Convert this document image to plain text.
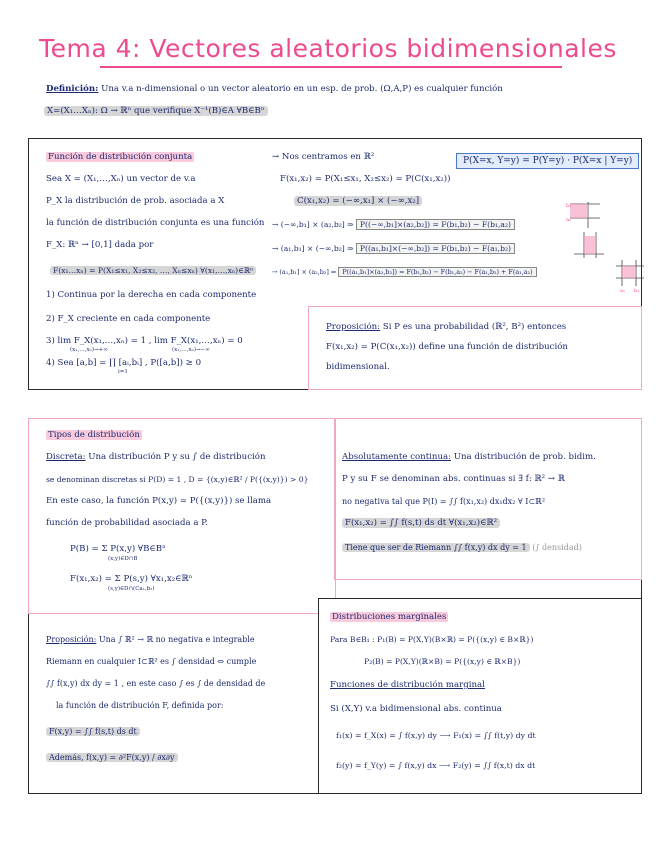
Tema 4: Vectores aleatorios bidimensionales
Definición: Una v.a n-dimensional o un vector aleatorio en un esp. de prob. (Ω,A,P) es cualquier función
X=(X₁…Xₙ): Ω → ℝⁿ que verifique X⁻¹(B)∈A ∀B∈Bⁿ
Función de distribución conjunta
Sea X = (X₁,…,Xₙ) un vector de v.a
P_X la distribución de prob. asociada a X
la función de distribución conjunta es una función
F_X: ℝⁿ → [0,1] dada por
F(x₁…xₙ) = P(X₁≤x₁, X₂≤x₂, …, Xₙ≤xₙ) ∀(x₁,…,xₙ)∈ℝⁿ
1) Continua por la derecha en cada componente
2) F_X creciente en cada componente
3) lim F_X(x₁,…,xₙ) = 1 , lim F_X(x₁,…,xₙ) = 0
(x₁,…,xₙ)→+∞	(x₁,…,xₙ)→−∞
4) Sea [a,b] = ∏ [aᵢ,bᵢ] , P([a,b]) ≥ 0
i=1
→ Nos centramos en ℝ²
F(x₁,x₂) = P(X₁≤x₁, X₂≤x₂) = P(C(x₁,x₂))
C(x₁,x₂) = (−∞,x₁] × (−∞,x₂]
P(X=x, Y=y) = P(Y=y) · P(X=x | Y=y)
→ (−∞,b₁] × (a₂,b₂] ⇒ P((−∞,b₁]×(a₂,b₂]) = F(b₁,b₂) − F(b₁,a₂)
→ (a₁,b₁] × (−∞,b₂] ⇒ P((a₁,b₁]×(−∞,b₂]) = F(b₁,b₂) − F(a₁,b₂)
→ (a₁,b₁] × (a₂,b₂] ⇒ P((a₁,b₁]×(a₂,b₂]) = F(b₁,b₂) − F(b₁,a₂) − F(a₁,b₂) + F(a₁,a₂)
b₂
a₂
a₁ b₁
Proposición: Si P es una probabilidad (ℝ², B²) entonces
F(x₁,x₂) = P(C(x₁,x₂)) define una función de distribución
bidimensional.
Tipos de distribución
Discreta: Una distribución P y su ∫ de distribución
se denominan discretas si P(D) = 1 , D = {(x,y)∈ℝ² / P({(x,y)}) > 0}
En este caso, la función P(x,y) = P({(x,y)}) se llama
función de probabilidad asociada a P.
P(B) = Σ P(x,y) ∀B∈Bⁿ
(x,y)∈D∩B
F(x₁,x₂) = Σ P(s,y) ∀x₁,x₂∈ℝⁿ
(s,y)∈D∩(Ca₁,b₂)
Absolutamente continua: Una distribución de prob. bidim.
P y su F se denominan abs. continuas si ∃ f: ℝ² → ℝ
no negativa tal que P(I) = ∫∫ f(x₁,x₂) dx₁dx₂ ∀ I⊂ℝ²
F(x₁,x₂) = ∫∫ f(s,t) ds dt ∀(x₁,x₂)∈ℝ²
Tiene que ser de Riemann ∫∫ f(x,y) dx dy = 1 (∫ densidad)
Proposición: Una ∫ ℝ² → ℝ no negativa e integrable
Riemann en cualquier I⊂ℝ² es ∫ densidad ⇔ cumple
∫∫ f(x,y) dx dy = 1 , en este caso ∫ es ∫ de densidad de
la función de distribución F, definida por:
F(x,y) = ∫∫ f(s,t) ds dt
Además, f(x,y) = ∂²F(x,y) / ∂x∂y
Distribuciones marginales
Para B∈B₁ : P₁(B) = P(X,Y)(B×ℝ) = P({(x,y) ∈ B×ℝ})
P₂(B) = P(X,Y)(ℝ×B) = P({(x,y) ∈ ℝ×B})
Funciones de distribución marginal
Si (X,Y) v.a bidimensional abs. continua
f₁(x) = f_X(x) = ∫ f(x,y) dy ⟶ F₁(x) = ∫∫ f(t,y) dy dt
f₂(y) = f_Y(y) = ∫ f(x,y) dx ⟶ F₂(y) = ∫∫ f(x,t) dx dt
